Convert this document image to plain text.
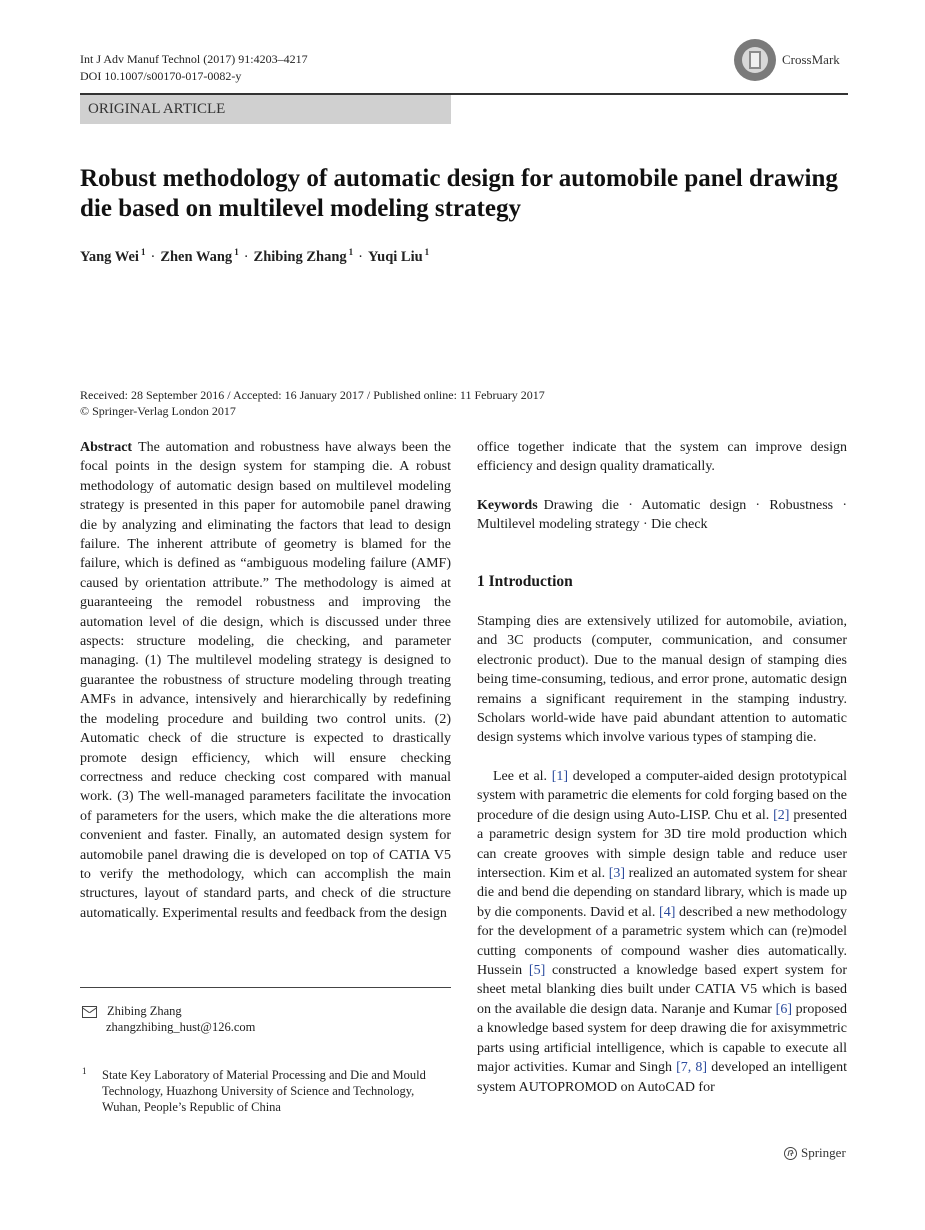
Int J Adv Manuf Technol (2017) 91:4203–4217
DOI 10.1007/s00170-017-0082-y
CrossMark
ORIGINAL ARTICLE
Robust methodology of automatic design for automobile panel drawing die based on multilevel modeling strategy
Yang Wei $^1$ · Zhen Wang $^1$ · Zhibing Zhang $^1$ · Yuqi Liu $^1$
Received: 28 September 2016 / Accepted: 16 January 2017 / Published online: 11 February 2017
© Springer-Verlag London 2017
Abstract The automation and robustness have always been the focal points in the design system for stamping die. A robust methodology of automatic design based on multilevel modeling strategy is presented in this paper for automobile panel drawing die by analyzing and eliminating the factors that lead to design failure. The inherent attribute of geometry is blamed for the failure, which is defined as “ambiguous modeling failure (AMF) caused by orientation attribute.” The methodology is aimed at guaranteeing the remodel robustness and improving the automation level of die design, which is discussed under three aspects: structure modeling, die checking, and parameter managing. (1) The multilevel modeling strategy is designed to guarantee the robustness of structure modeling through treating AMFs in advance, intensively and hierarchically by redefining the modeling procedure and building two control units. (2) Automatic check of die structure is expected to drastically promote design efficiency, which will ensure checking correctness and reduce checking cost compared with manual work. (3) The well-managed parameters facilitate the invocation of parameters for the users, which make the die alterations more convenient and faster. Finally, an automated design system for automobile panel drawing die is developed on top of CATIA V5 to verify the methodology, which can accomplish the main structures, layout of standard parts, and check of die structure automatically. Experimental results and feedback from the design
office together indicate that the system can improve design efficiency and design quality dramatically.
Keywords Drawing die · Automatic design · Robustness · Multilevel modeling strategy · Die check
1 Introduction
Stamping dies are extensively utilized for automobile, aviation, and 3C products (computer, communication, and consumer electronic product). Due to the manual design of stamping dies being time-consuming, tedious, and error prone, automatic design remains a significant requirement in the stamping industry. Scholars world-wide have paid abundant attention to automatic design systems which involve various types of stamping die.
Lee et al. [1] developed a computer-aided design prototypical system with parametric die elements for cold forging based on the procedure of die design using Auto-LISP. Chu et al. [2] presented a parametric design system for 3D tire mold production which can create grooves with simple design table and reduce user intersection. Kim et al. [3] realized an automated system for shear die and bend die depending on standard library, which is made up by die components. David et al. [4] described a new methodology for the development of a parametric system which can (re)model cutting components of compound washer dies automatically. Hussein [5] constructed a knowledge based expert system for sheet metal blanking dies built under CATIA V5 which is based on the available die design data. Naranje and Kumar [6] proposed a knowledge based system for deep drawing die for axisymmetric parts using artificial intelligence, which is capable to execute all major activities. Kumar and Singh [7, 8] developed an intelligent system AUTOPROMOD on AutoCAD for
Zhibing Zhang
zhangzhibing_hust@126.com
1 State Key Laboratory of Material Processing and Die and Mould Technology, Huazhong University of Science and Technology, Wuhan, People’s Republic of China
Springer
